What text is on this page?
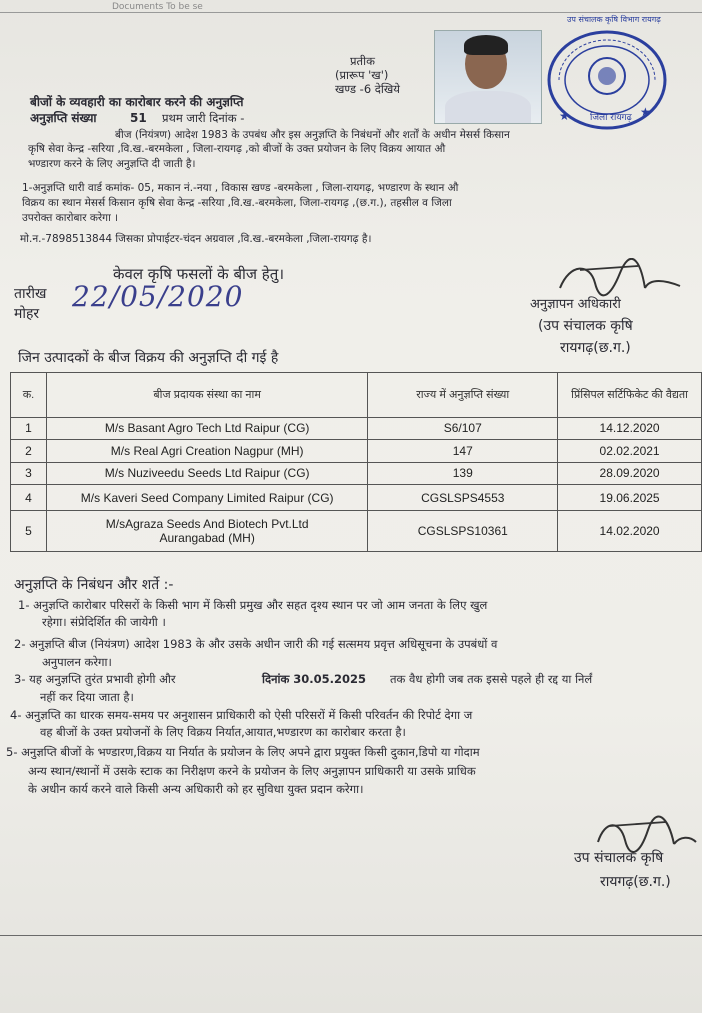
Documents To be se
प्रतीक
(प्रारूप 'ख')
खण्ड -6 देखिये
★
★
उप संचालक कृषि विभाग रायगढ़
जिला रायगढ़
बीजों के व्यवहारी का कारोबार करने की अनुज्ञप्ति
अनुज्ञप्ति संख्या	51 प्रथम जारी दिनांक -
बीज (नियंत्रण) आदेश 1983 के उपबंध और इस अनुज्ञप्ति के निबंधनों और शर्तों के अधीन मेसर्स किसान
कृषि सेवा केन्द्र -सरिया ,वि.ख.-बरमकेला , जिला-रायगढ़ ,को बीजों के उक्त प्रयोजन के लिए विक्रय आयात औ
भण्डारण करने के लिए अनुज्ञप्ति दी जाती है।
1-अनुज्ञप्ति धारी वार्ड कमांक- 05, मकान नं.-नया , विकास खण्ड -बरमकेला , जिला-रायगढ़, भण्डारण के स्थान औ
विक्रय का स्थान मेसर्स किसान कृषि सेवा केन्द्र -सरिया ,वि.ख.-बरमकेला, जिला-रायगढ़ ,(छ.ग.), तहसील व जिला
उपरोक्त कारोबार करेगा ।
मो.न.-7898513844 जिसका प्रोपाईटर-चंदन अग्रवाल ,वि.ख.-बरमकेला ,जिला-रायगढ़ है।
केवल कृषि फसलों के बीज हेतु।
तारीख
मोहर
22/05/2020	अनुज्ञापन अधिकारी
(उप संचालक कृषि
रायगढ़(छ.ग.)
जिन उत्पादकों के बीज विक्रय की अनुज्ञप्ति दी गई है
क.	बीज प्रदायक संस्था का नाम	राज्य में अनुज्ञप्ति संख्या	प्रिंसिपल सर्टिफिकेट की वैद्यता
1	M/s Basant Agro Tech Ltd Raipur (CG)	S6/107	14.12.2020
2	M/s Real Agri Creation Nagpur (MH)	147	02.02.2021
3	M/s Nuziveedu Seeds Ltd Raipur (CG)	139	28.09.2020
4	M/s Kaveri Seed Company Limited Raipur (CG)	CGSLSPS4553	19.06.2025
5	M/sAgraza Seeds And Biotech Pvt.Ltd
Aurangabad (MH)	CGSLSPS10361	14.02.2020
अनुज्ञप्ति के निबंधन और शर्ते :-
1- अनुज्ञप्ति कारोबार परिसरों के किसी भाग में किसी प्रमुख और सहत दृश्य स्थान पर जो आम जनता के लिए खुल
रहेगा। संप्रेदिर्शित की जायेगी ।
2- अनुज्ञप्ति बीज (नियंत्रण) आदेश 1983 के और उसके अधीन जारी की गई सत्समय प्रवृत्त अधिसूचना के उपबंधों व
अनुपालन करेगा।
3- यह अनुज्ञप्ति तुरंत प्रभावी होगी और	दिनांक 30.05.2025 तक वैध होगी जब तक इससे पहले ही रद्द या निर्लं
नहीं कर दिया जाता है।
4- अनुज्ञप्ति का धारक समय-समय पर अनुशासन प्राधिकारी को ऐसी परिसरों में किसी परिवर्तन की रिपोर्ट देगा ज
वह बीजों के उक्त प्रयोजनों के लिए विक्रय निर्यात,आयात,भण्डारण का कारोबार करता है।
5- अनुज्ञप्ति बीजों के भण्डारण,विक्रय या निर्यात के प्रयोजन के लिए अपने द्वारा प्रयुक्त किसी दुकान,डिपो या गोदाम
अन्य स्थान/स्थानों में उसके स्टाक का निरीक्षण करने के प्रयोजन के लिए अनुज्ञापन प्राधिकारी या उसके प्राधिक
के अधीन कार्य करने वाले किसी अन्य अधिकारी को हर सुविधा युक्त प्रदान करेगा।
उप संचालक कृषि
रायगढ़(छ.ग.)
